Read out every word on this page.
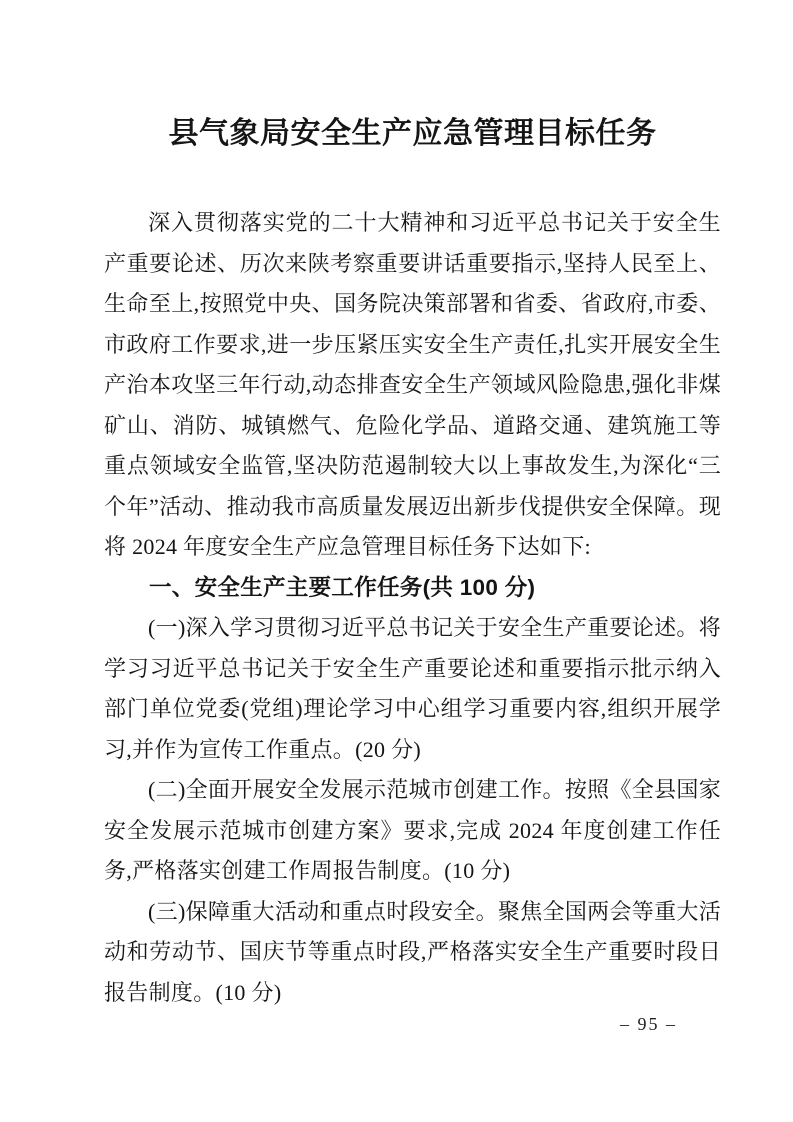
县气象局安全生产应急管理目标任务

深入贯彻落实党的二十大精神和习近平总书记关于安全生产重要论述、历次来陕考察重要讲话重要指示,坚持人民至上、生命至上,按照党中央、国务院决策部署和省委、省政府,市委、市政府工作要求,进一步压紧压实安全生产责任,扎实开展安全生产治本攻坚三年行动,动态排查安全生产领域风险隐患,强化非煤矿山、消防、城镇燃气、危险化学品、道路交通、建筑施工等重点领域安全监管,坚决防范遏制较大以上事故发生,为深化“三个年”活动、推动我市高质量发展迈出新步伐提供安全保障。现将 2024 年度安全生产应急管理目标任务下达如下:

一、安全生产主要工作任务(共 100 分)

(一)深入学习贯彻习近平总书记关于安全生产重要论述。将学习习近平总书记关于安全生产重要论述和重要指示批示纳入部门单位党委(党组)理论学习中心组学习重要内容,组织开展学习,并作为宣传工作重点。(20 分)

(二)全面开展安全发展示范城市创建工作。按照《全县国家安全发展示范城市创建方案》要求,完成 2024 年度创建工作任务,严格落实创建工作周报告制度。(10 分)

(三)保障重大活动和重点时段安全。聚焦全国两会等重大活动和劳动节、国庆节等重点时段,严格落实安全生产重要时段日报告制度。(10 分)

– 95 –
